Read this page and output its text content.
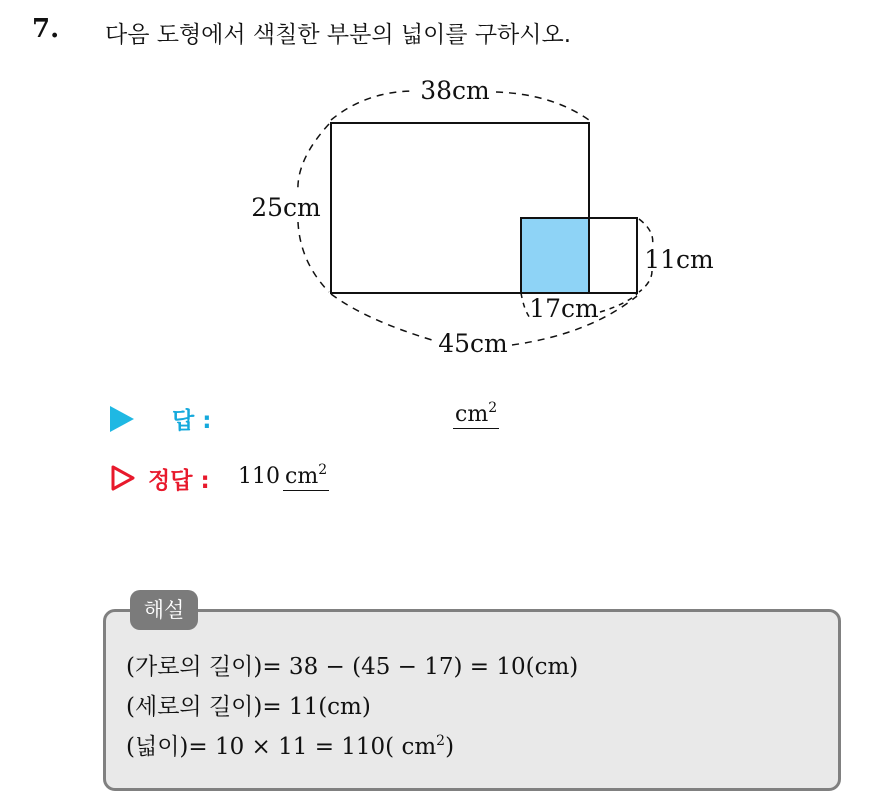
7. 다음 도형에서 색칠한 부분의 넓이를 구하시오.
38cm
25cm
11cm
17cm
45cm
답 :	$cm^2$
정답 : 110 $cm^2$
해설
(가로의 길이)= 38 − (45 − 17) = 10(cm)
(세로의 길이)= 11(cm)
(넓이)= 10 × 11 = 110( $cm^2$)
